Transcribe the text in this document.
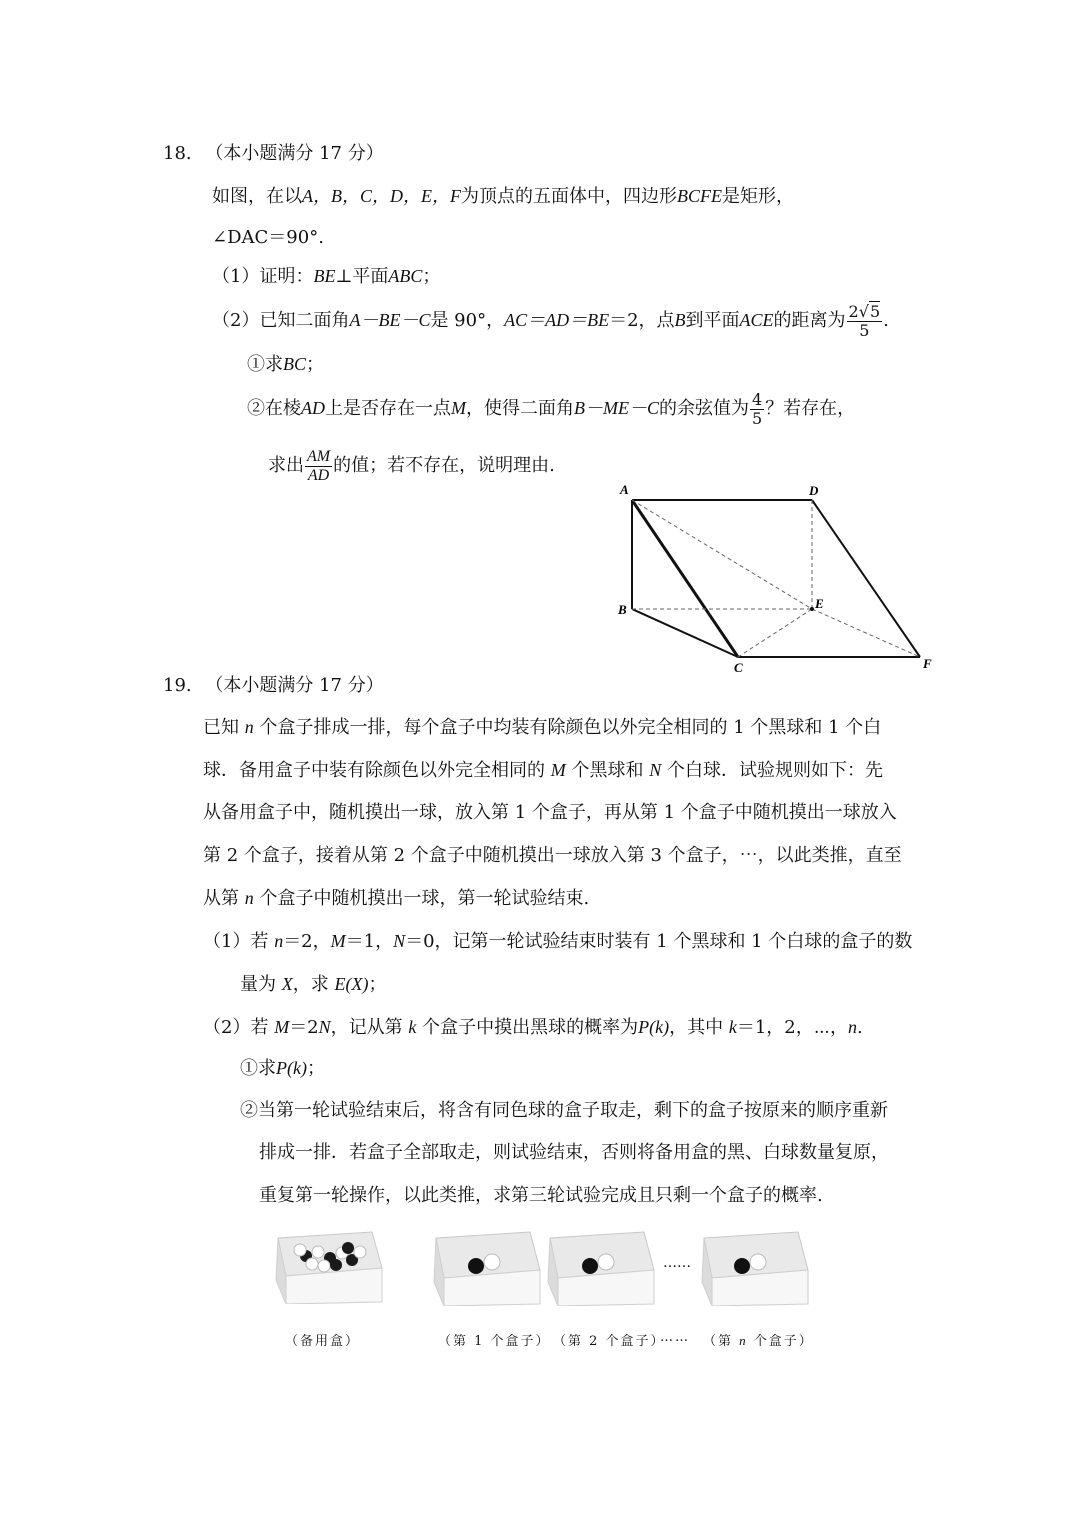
18. （本小题满分 17 分）
如图，在以A，B，C，D，E，F为顶点的五面体中，四边形BCFE是矩形，
∠DAC＝90°.
（1）证明：BE⊥平面ABC；
（2）已知二面角A－BE－C是 90°，AC＝AD＝BE＝2，点B到平面ACE的距离为 $\frac{2√5}{5}$ .
①求BC；
②在棱AD上是否存在一点M，使得二面角B－ME－C的余弦值为 $\frac{4}{5}$ ？若存在，
求出 $\frac{AM}{AD}$ 的值；若不存在，说明理由.
A	D
B	E
C	F
19. （本小题满分 17 分）
已知 n 个盒子排成一排，每个盒子中均装有除颜色以外完全相同的 1 个黑球和 1 个白
球．备用盒子中装有除颜色以外完全相同的 M 个黑球和 N 个白球．试验规则如下：先
从备用盒子中，随机摸出一球，放入第 1 个盒子，再从第 1 个盒子中随机摸出一球放入
第 2 个盒子，接着从第 2 个盒子中随机摸出一球放入第 3 个盒子，⋯，以此类推，直至
从第 n 个盒子中随机摸出一球，第一轮试验结束.
（1）若 n＝2，M＝1，N＝0，记第一轮试验结束时装有 1 个黑球和 1 个白球的盒子的数
量为 X，求 E(X)；
（2）若 M＝2N，记从第 k 个盒子中摸出黑球的概率为P(k)，其中 k＝1，2，⋯，n.
①求P(k)；
②当第一轮试验结束后，将含有同色球的盒子取走，剩下的盒子按原来的顺序重新
排成一排．若盒子全部取走，则试验结束，否则将备用盒的黑、白球数量复原，
重复第一轮操作，以此类推，求第三轮试验完成且只剩一个盒子的概率.
……
（备用盒）	（第 1 个盒子） （第 2 个盒子）
…… （第 n 个盒子）
